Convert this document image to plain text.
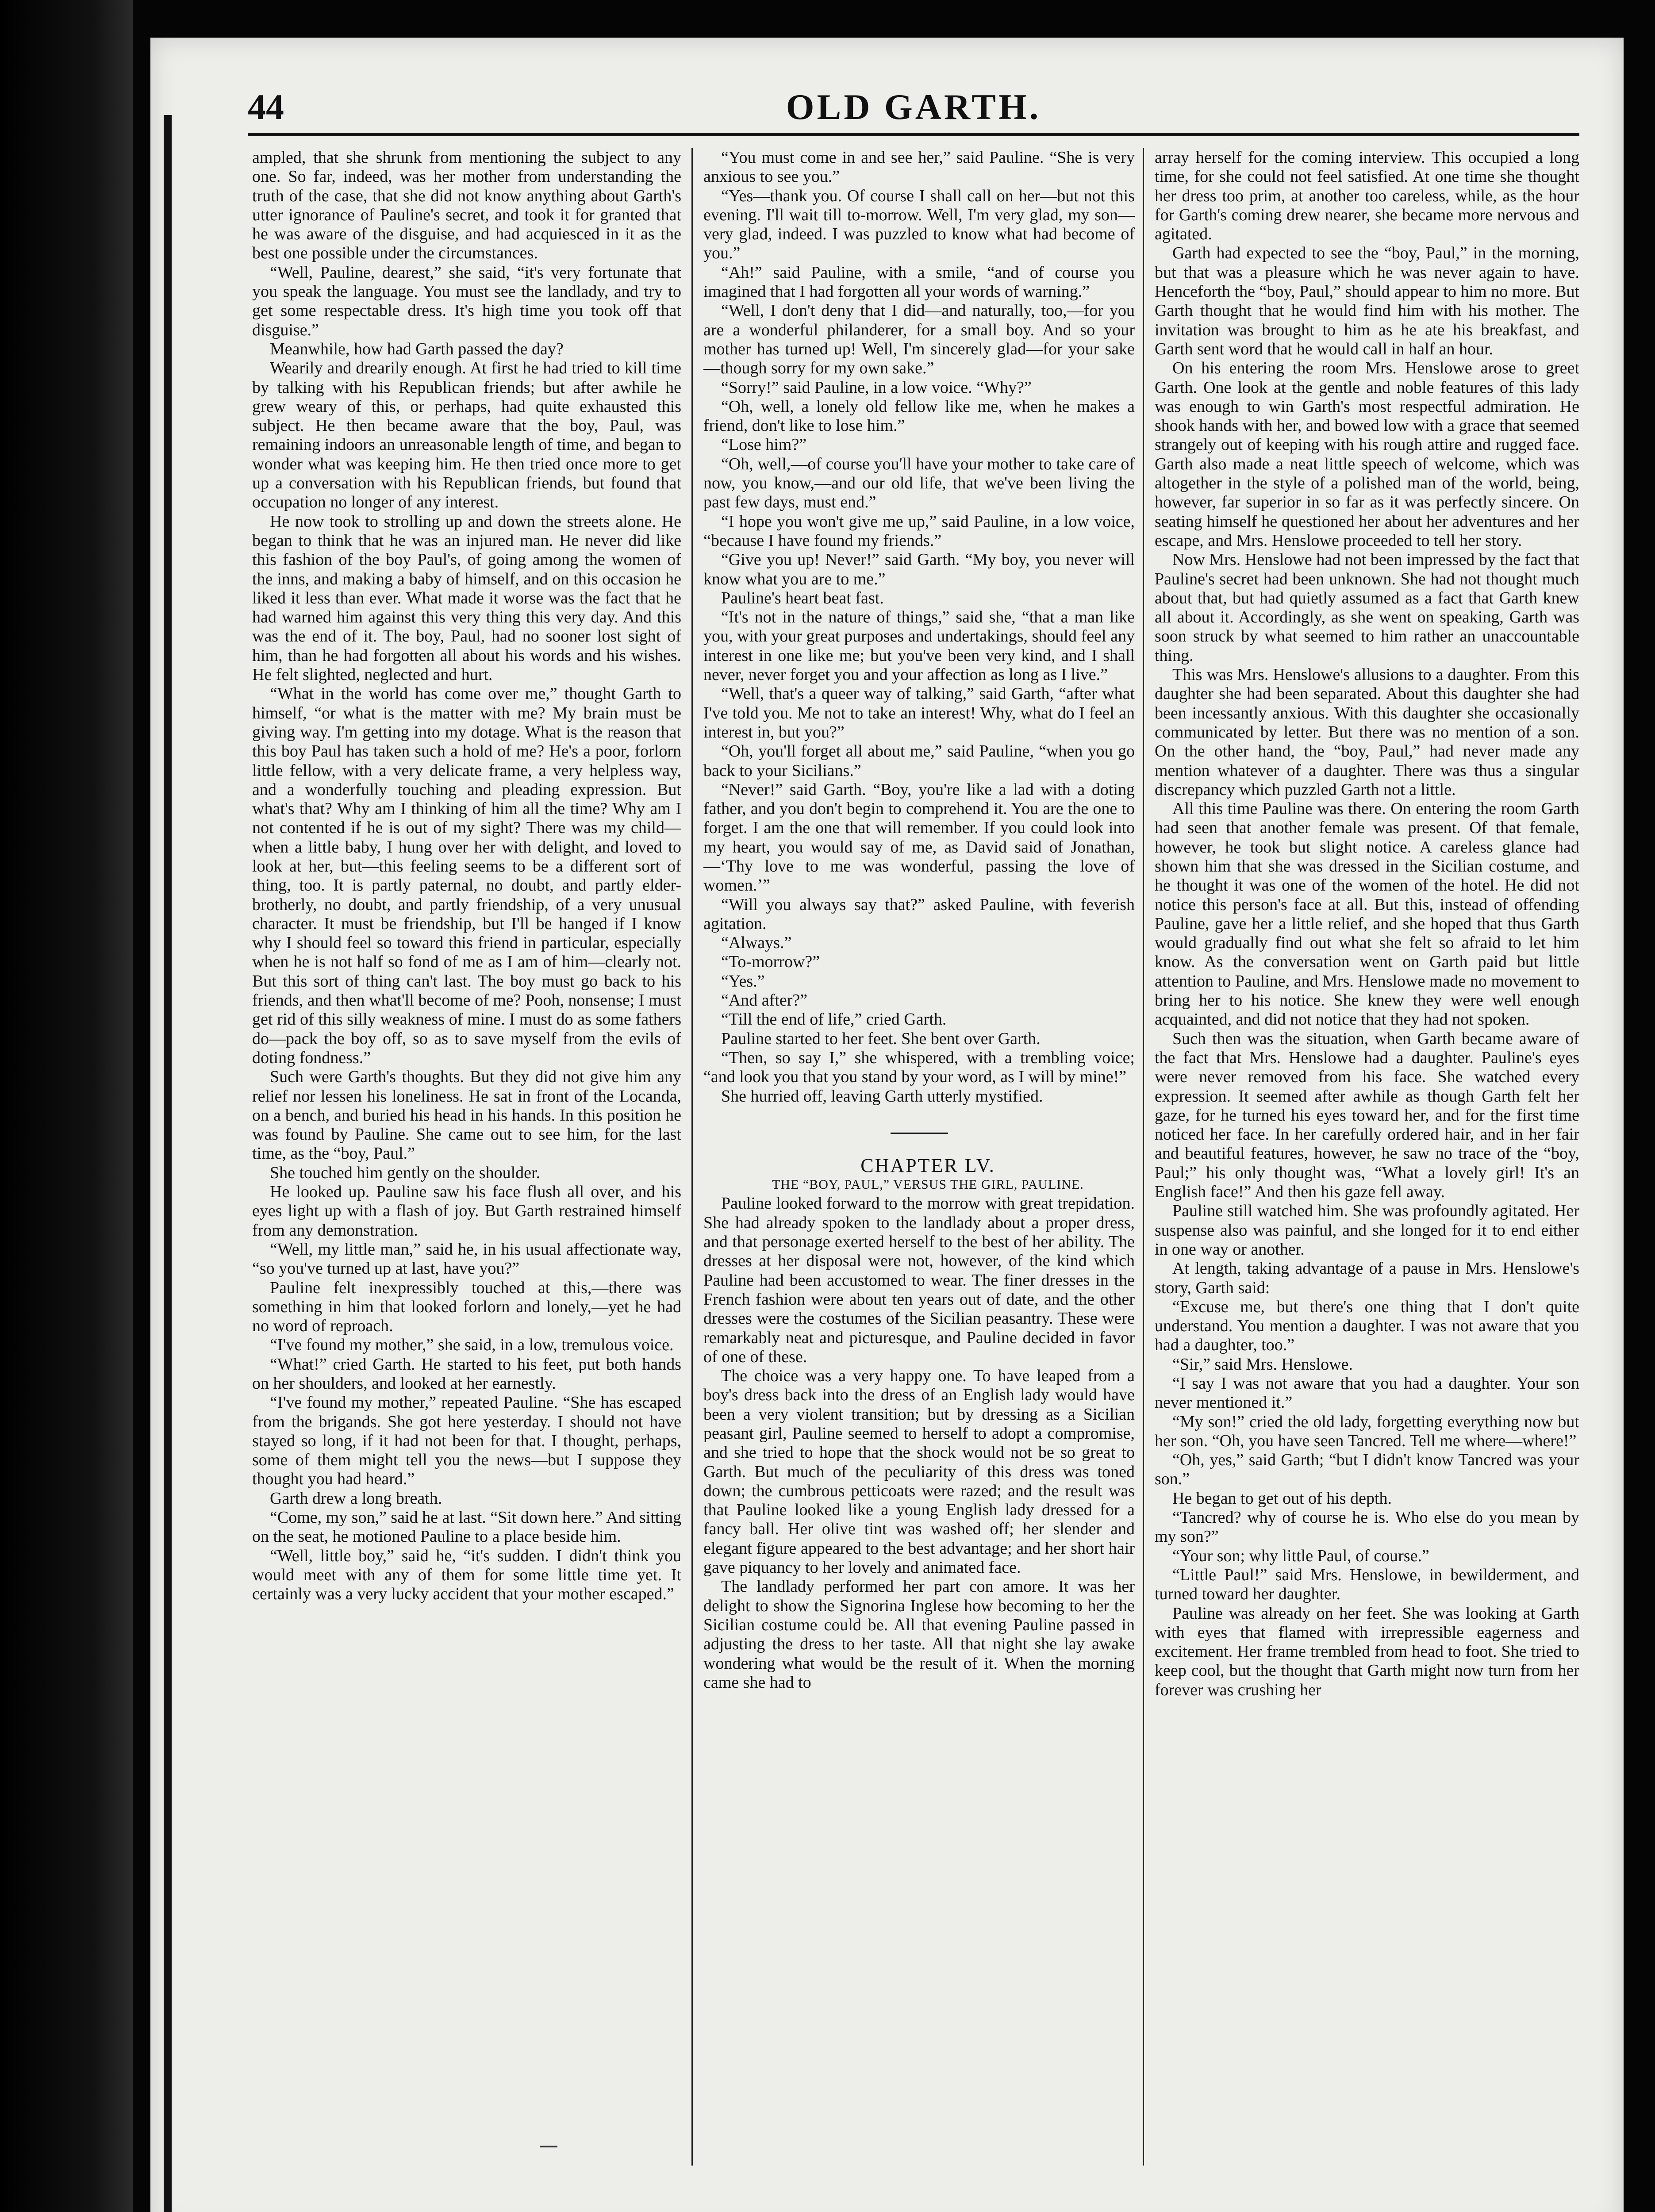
44	OLD GARTH.

ampled, that she shrunk from mentioning the subject to any one. So far, indeed, was her mother from understanding the truth of the case, that she did not know anything about Garth's utter ignorance of Pauline's secret, and took it for granted that he was aware of the disguise, and had acquiesced in it as the best one possible under the circumstances.

“Well, Pauline, dearest,” she said, “it's very fortunate that you speak the language. You must see the landlady, and try to get some respectable dress. It's high time you took off that disguise.”

Meanwhile, how had Garth passed the day?

Wearily and drearily enough. At first he had tried to kill time by talking with his Republican friends; but after awhile he grew weary of this, or perhaps, had quite exhausted this subject. He then became aware that the boy, Paul, was remaining indoors an unreasonable length of time, and began to wonder what was keeping him. He then tried once more to get up a conversation with his Republican friends, but found that occupation no longer of any interest.

He now took to strolling up and down the streets alone. He began to think that he was an injured man. He never did like this fashion of the boy Paul's, of going among the women of the inns, and making a baby of himself, and on this occasion he liked it less than ever. What made it worse was the fact that he had warned him against this very thing this very day. And this was the end of it. The boy, Paul, had no sooner lost sight of him, than he had forgotten all about his words and his wishes. He felt slighted, neglected and hurt.

“What in the world has come over me,” thought Garth to himself, “or what is the matter with me? My brain must be giving way. I'm getting into my dotage. What is the reason that this boy Paul has taken such a hold of me? He's a poor, forlorn little fellow, with a very delicate frame, a very helpless way, and a wonderfully touching and pleading expression. But what's that? Why am I thinking of him all the time? Why am I not contented if he is out of my sight? There was my child—when a little baby, I hung over her with delight, and loved to look at her, but—this feeling seems to be a different sort of thing, too. It is partly paternal, no doubt, and partly elder-brotherly, no doubt, and partly friendship, of a very unusual character. It must be friendship, but I'll be hanged if I know why I should feel so toward this friend in particular, especially when he is not half so fond of me as I am of him—clearly not. But this sort of thing can't last. The boy must go back to his friends, and then what'll become of me? Pooh, nonsense; I must get rid of this silly weakness of mine. I must do as some fathers do—pack the boy off, so as to save myself from the evils of doting fondness.”

Such were Garth's thoughts. But they did not give him any relief nor lessen his loneliness. He sat in front of the Locanda, on a bench, and buried his head in his hands. In this position he was found by Pauline. She came out to see him, for the last time, as the “boy, Paul.”

She touched him gently on the shoulder.

He looked up. Pauline saw his face flush all over, and his eyes light up with a flash of joy. But Garth restrained himself from any demonstration.

“Well, my little man,” said he, in his usual affectionate way, “so you've turned up at last, have you?”

Pauline felt inexpressibly touched at this,—there was something in him that looked forlorn and lonely,—yet he had no word of reproach.

“I've found my mother,” she said, in a low, tremulous voice.

“What!” cried Garth. He started to his feet, put both hands on her shoulders, and looked at her earnestly.

“I've found my mother,” repeated Pauline. “She has escaped from the brigands. She got here yesterday. I should not have stayed so long, if it had not been for that. I thought, perhaps, some of them might tell you the news—but I suppose they thought you had heard.”

Garth drew a long breath.

“Come, my son,” said he at last. “Sit down here.” And sitting on the seat, he motioned Pauline to a place beside him.

“Well, little boy,” said he, “it's sudden. I didn't think you would meet with any of them for some little time yet. It certainly was a very lucky accident that your mother escaped.”

“You must come in and see her,” said Pauline. “She is very anxious to see you.”

“Yes—thank you. Of course I shall call on her—but not this evening. I'll wait till to-morrow. Well, I'm very glad, my son—very glad, indeed. I was puzzled to know what had become of you.”

“Ah!” said Pauline, with a smile, “and of course you imagined that I had forgotten all your words of warning.”

“Well, I don't deny that I did—and naturally, too,—for you are a wonderful philanderer, for a small boy. And so your mother has turned up! Well, I'm sincerely glad—for your sake—though sorry for my own sake.”

“Sorry!” said Pauline, in a low voice. “Why?”

“Oh, well, a lonely old fellow like me, when he makes a friend, don't like to lose him.”

“Lose him?”

“Oh, well,—of course you'll have your mother to take care of now, you know,—and our old life, that we've been living the past few days, must end.”

“I hope you won't give me up,” said Pauline, in a low voice, “because I have found my friends.”

“Give you up! Never!” said Garth. “My boy, you never will know what you are to me.”

Pauline's heart beat fast.

“It's not in the nature of things,” said she, “that a man like you, with your great purposes and undertakings, should feel any interest in one like me; but you've been very kind, and I shall never, never forget you and your affection as long as I live.”

“Well, that's a queer way of talking,” said Garth, “after what I've told you. Me not to take an interest! Why, what do I feel an interest in, but you?”

“Oh, you'll forget all about me,” said Pauline, “when you go back to your Sicilians.”

“Never!” said Garth. “Boy, you're like a lad with a doting father, and you don't begin to comprehend it. You are the one to forget. I am the one that will remember. If you could look into my heart, you would say of me, as David said of Jonathan,—‘Thy love to me was wonderful, passing the love of women.’”

“Will you always say that?” asked Pauline, with feverish agitation.

“Always.”

“To-morrow?”

“Yes.”

“And after?”

“Till the end of life,” cried Garth.

Pauline started to her feet. She bent over Garth.

“Then, so say I,” she whispered, with a trembling voice; “and look you that you stand by your word, as I will by mine!”

She hurried off, leaving Garth utterly mystified.

CHAPTER LV.

THE “BOY, PAUL,” VERSUS THE GIRL, PAULINE.

Pauline looked forward to the morrow with great trepidation. She had already spoken to the landlady about a proper dress, and that personage exerted herself to the best of her ability. The dresses at her disposal were not, however, of the kind which Pauline had been accustomed to wear. The finer dresses in the French fashion were about ten years out of date, and the other dresses were the costumes of the Sicilian peasantry. These were remarkably neat and picturesque, and Pauline decided in favor of one of these.

The choice was a very happy one. To have leaped from a boy's dress back into the dress of an English lady would have been a very violent transition; but by dressing as a Sicilian peasant girl, Pauline seemed to herself to adopt a compromise, and she tried to hope that the shock would not be so great to Garth. But much of the peculiarity of this dress was toned down; the cumbrous petticoats were razed; and the result was that Pauline looked like a young English lady dressed for a fancy ball. Her olive tint was washed off; her slender and elegant figure appeared to the best advantage; and her short hair gave piquancy to her lovely and animated face.

The landlady performed her part con amore. It was her delight to show the Signorina Inglese how becoming to her the Sicilian costume could be. All that evening Pauline passed in adjusting the dress to her taste. All that night she lay awake wondering what would be the result of it. When the morning came she had to

array herself for the coming interview. This occupied a long time, for she could not feel satisfied. At one time she thought her dress too prim, at another too careless, while, as the hour for Garth's coming drew nearer, she became more nervous and agitated.

Garth had expected to see the “boy, Paul,” in the morning, but that was a pleasure which he was never again to have. Henceforth the “boy, Paul,” should appear to him no more. But Garth thought that he would find him with his mother. The invitation was brought to him as he ate his breakfast, and Garth sent word that he would call in half an hour.

On his entering the room Mrs. Henslowe arose to greet Garth. One look at the gentle and noble features of this lady was enough to win Garth's most respectful admiration. He shook hands with her, and bowed low with a grace that seemed strangely out of keeping with his rough attire and rugged face. Garth also made a neat little speech of welcome, which was altogether in the style of a polished man of the world, being, however, far superior in so far as it was perfectly sincere. On seating himself he questioned her about her adventures and her escape, and Mrs. Henslowe proceeded to tell her story.

Now Mrs. Henslowe had not been impressed by the fact that Pauline's secret had been unknown. She had not thought much about that, but had quietly assumed as a fact that Garth knew all about it. Accordingly, as she went on speaking, Garth was soon struck by what seemed to him rather an unaccountable thing.

This was Mrs. Henslowe's allusions to a daughter. From this daughter she had been separated. About this daughter she had been incessantly anxious. With this daughter she occasionally communicated by letter. But there was no mention of a son. On the other hand, the “boy, Paul,” had never made any mention whatever of a daughter. There was thus a singular discrepancy which puzzled Garth not a little.

All this time Pauline was there. On entering the room Garth had seen that another female was present. Of that female, however, he took but slight notice. A careless glance had shown him that she was dressed in the Sicilian costume, and he thought it was one of the women of the hotel. He did not notice this person's face at all. But this, instead of offending Pauline, gave her a little relief, and she hoped that thus Garth would gradually find out what she felt so afraid to let him know. As the conversation went on Garth paid but little attention to Pauline, and Mrs. Henslowe made no movement to bring her to his notice. She knew they were well enough acquainted, and did not notice that they had not spoken.

Such then was the situation, when Garth became aware of the fact that Mrs. Henslowe had a daughter. Pauline's eyes were never removed from his face. She watched every expression. It seemed after awhile as though Garth felt her gaze, for he turned his eyes toward her, and for the first time noticed her face. In her carefully ordered hair, and in her fair and beautiful features, however, he saw no trace of the “boy, Paul;” his only thought was, “What a lovely girl! It's an English face!” And then his gaze fell away.

Pauline still watched him. She was profoundly agitated. Her suspense also was painful, and she longed for it to end either in one way or another.

At length, taking advantage of a pause in Mrs. Henslowe's story, Garth said:

“Excuse me, but there's one thing that I don't quite understand. You mention a daughter. I was not aware that you had a daughter, too.”

“Sir,” said Mrs. Henslowe.

“I say I was not aware that you had a daughter. Your son never mentioned it.”

“My son!” cried the old lady, forgetting everything now but her son. “Oh, you have seen Tancred. Tell me where—where!”

“Oh, yes,” said Garth; “but I didn't know Tancred was your son.”

He began to get out of his depth.

“Tancred? why of course he is. Who else do you mean by my son?”

“Your son; why little Paul, of course.”

“Little Paul!” said Mrs. Henslowe, in bewilderment, and turned toward her daughter.

Pauline was already on her feet. She was looking at Garth with eyes that flamed with irrepressible eagerness and excitement. Her frame trembled from head to foot. She tried to keep cool, but the thought that Garth might now turn from her forever was crushing her
